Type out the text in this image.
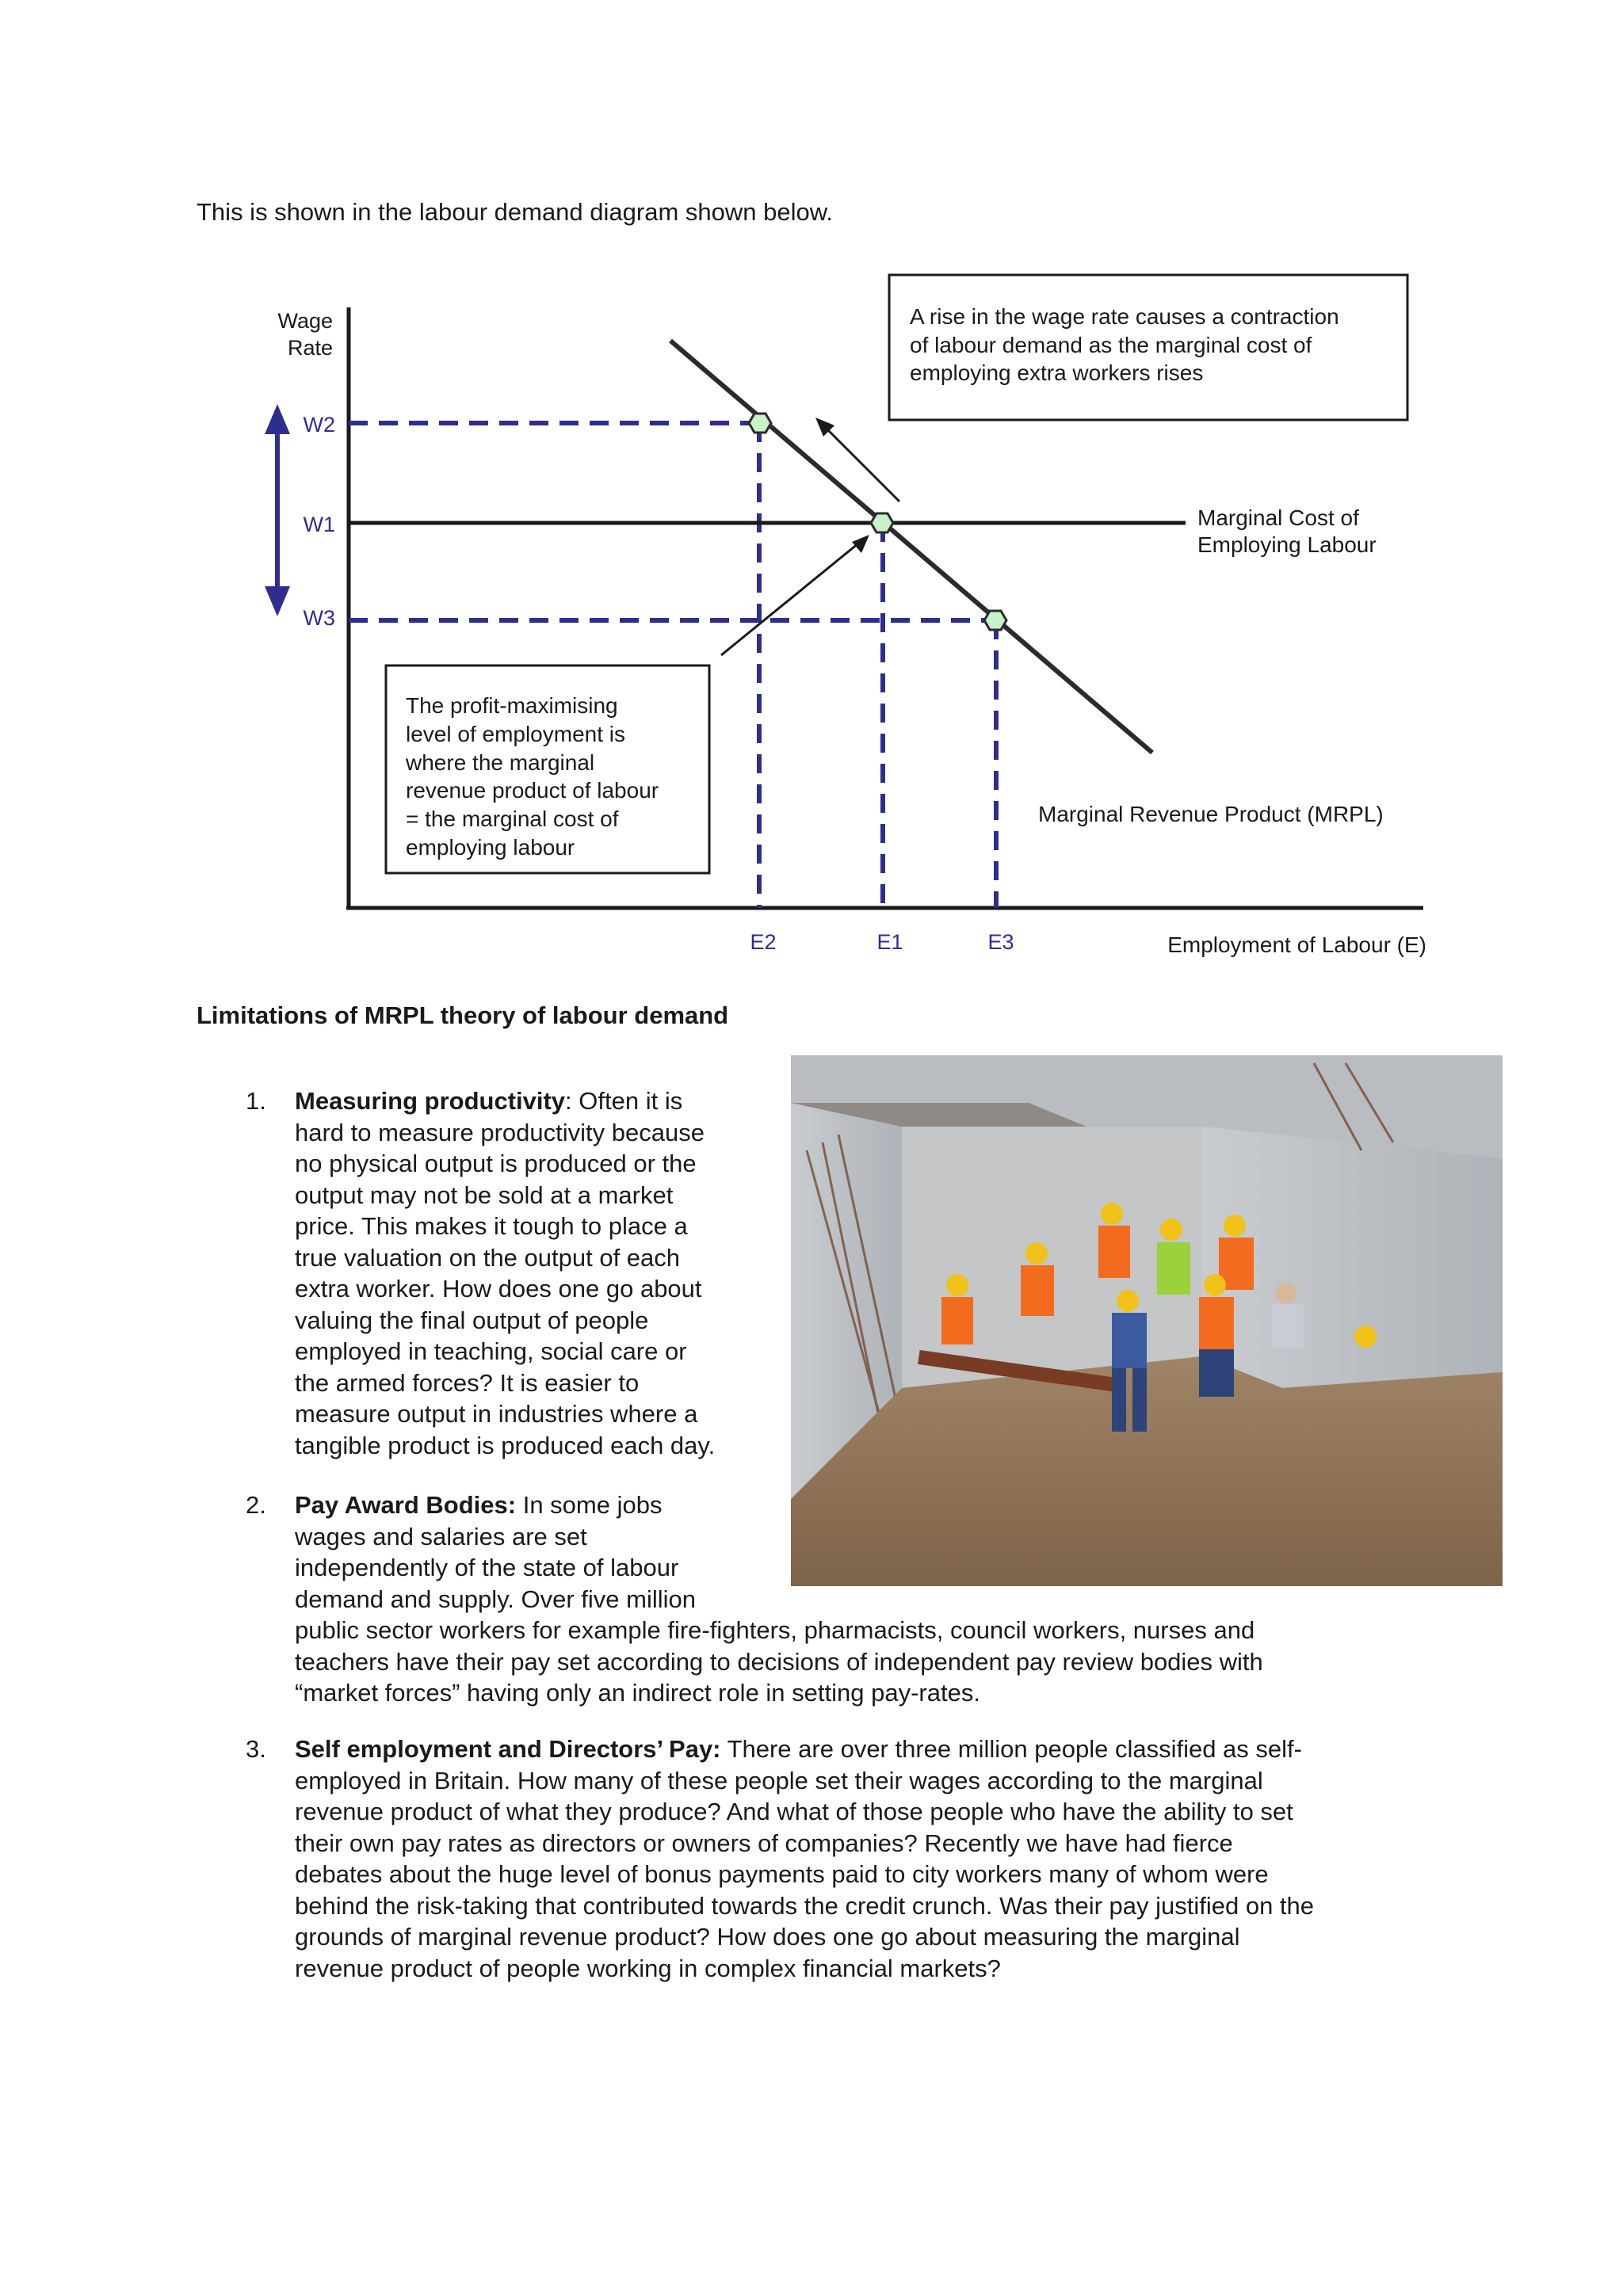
This is shown in the labour demand diagram shown below.
Wage
Rate
Employment of Labour (E)
W2
W1
W3
E2	E1	E3
Marginal Cost of
Employing Labour
Marginal Revenue Product (MRPL)
A rise in the wage rate causes a contraction
of labour demand as the marginal cost of
employing extra workers rises
The profit-maximising
level of employment is
where the marginal
revenue product of labour
= the marginal cost of
employing labour
Limitations of MRPL theory of labour demand
1.	Measuring productivity: Often it is
hard to measure productivity because
no physical output is produced or the
output may not be sold at a market
price. This makes it tough to place a
true valuation on the output of each
extra worker. How does one go about
valuing the final output of people
employed in teaching, social care or
the armed forces? It is easier to
measure output in industries where a
tangible product is produced each day.
2.	Pay Award Bodies: In some jobs
wages and salaries are set
independently of the state of labour
demand and supply. Over five million
public sector workers for example fire-fighters, pharmacists, council workers, nurses and
teachers have their pay set according to decisions of independent pay review bodies with
“market forces” having only an indirect role in setting pay-rates.
3.	Self employment and Directors’ Pay: There are over three million people classified as self-
employed in Britain. How many of these people set their wages according to the marginal
revenue product of what they produce? And what of those people who have the ability to set
their own pay rates as directors or owners of companies? Recently we have had fierce
debates about the huge level of bonus payments paid to city workers many of whom were
behind the risk-taking that contributed towards the credit crunch. Was their pay justified on the
grounds of marginal revenue product? How does one go about measuring the marginal
revenue product of people working in complex financial markets?
